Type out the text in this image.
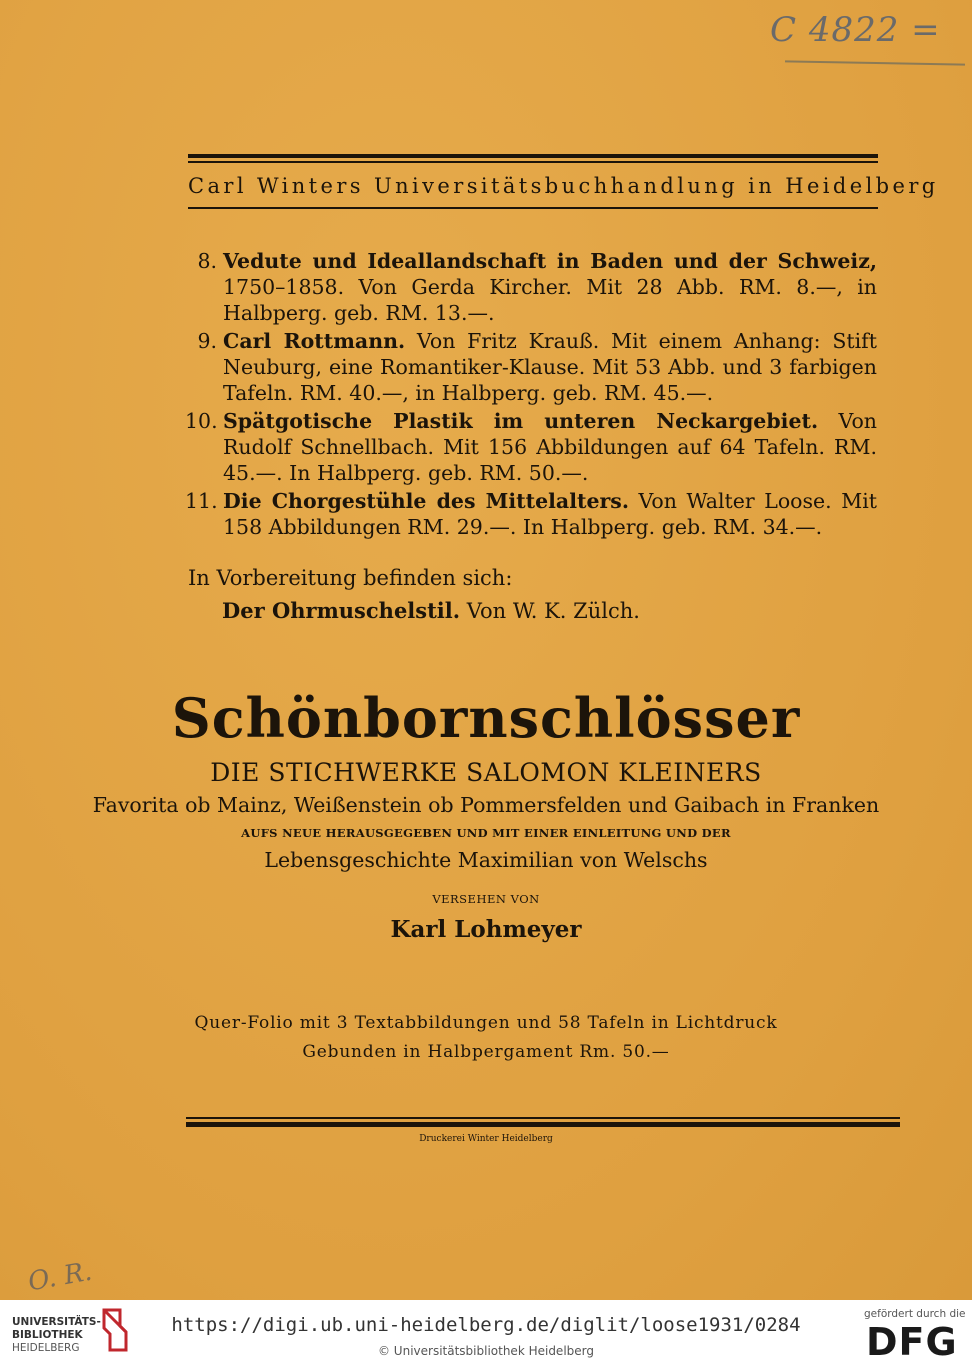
C 4822 =
Carl Winters Universitätsbuchhandlung in Heidelberg
8. Vedute und Ideallandschaft in Baden und der Schweiz, 1750–1858. Von Gerda Kircher. Mit 28 Abb. RM. 8.—, in Halbperg. geb. RM. 13.—.
9. Carl Rottmann. Von Fritz Krauß. Mit einem Anhang: Stift Neuburg, eine Romantiker-Klause. Mit 53 Abb. und 3 farbigen Tafeln. RM. 40.—, in Halbperg. geb. RM. 45.—.
10. Spätgotische Plastik im unteren Neckargebiet. Von Rudolf Schnellbach. Mit 156 Abbildungen auf 64 Tafeln. RM. 45.—. In Halbperg. geb. RM. 50.—.
11. Die Chorgestühle des Mittelalters. Von Walter Loose. Mit 158 Abbildungen RM. 29.—. In Halbperg. geb. RM. 34.—.
In Vorbereitung befinden sich:
Der Ohrmuschelstil. Von W. K. Zülch.
Schönbornschlösser
DIE STICHWERKE SALOMON KLEINERS
Favorita ob Mainz, Weißenstein ob Pommersfelden und Gaibach in Franken
AUFS NEUE HERAUSGEGEBEN UND MIT EINER EINLEITUNG UND DER
Lebensgeschichte Maximilian von Welschs
VERSEHEN VON
Karl Lohmeyer
Quer-Folio mit 3 Textabbildungen und 58 Tafeln in Lichtdruck
Gebunden in Halbpergament Rm. 50.—
Druckerei Winter Heidelberg
O. R.
UNIVERSITÄTS-
BIBLIOTHEK
HEIDELBERG
https://digi.ub.uni-heidelberg.de/diglit/loose1931/0284
© Universitätsbibliothek Heidelberg
gefördert durch die
DFG
